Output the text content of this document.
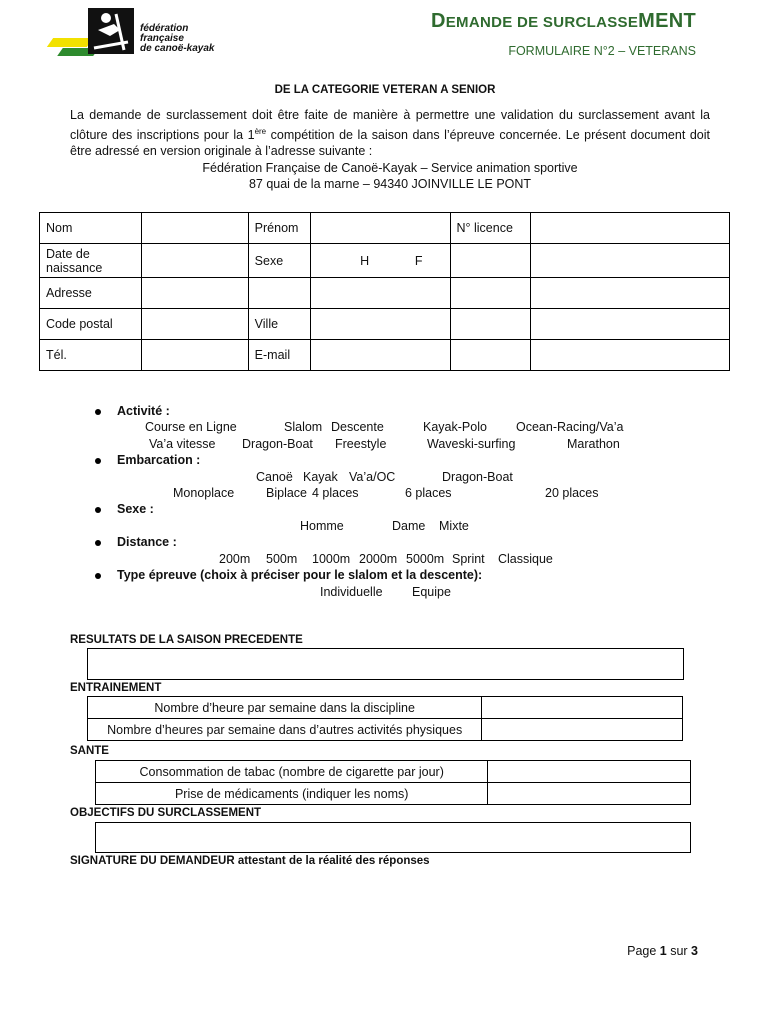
fédération
française
de canoë-kayak
DEMANDE DE SURCLASSEMENT
FORMULAIRE N°2 – VETERANS
DE LA CATEGORIE VETERAN A SENIOR
La demande de surclassement doit être faite de manière à permettre une validation du surclassement avant la clôture des inscriptions pour la 1ère compétition de la saison dans l’épreuve concernée. Le présent document doit être adressé en version originale à l’adresse suivante :
Fédération Française de Canoë-Kayak – Service animation sportive
87 quai de la marne – 94340 JOINVILLE LE PONT
Nom		Prénom		N° licence	
Date de naissance		Sexe	H F		
Adresse					
Code postal		Ville			
Tél.		E-mail			
Activité :
Course en Ligne	Slalom Descente	Kayak-Polo Ocean-Racing/Va’a
Va’a vitesse Dragon-Boat Freestyle	Waveski-surfing	Marathon
Embarcation :
Canoë Kayak Va’a/OC	Dragon-Boat
Monoplace	Biplace 4 places	6 places	20 places
Sexe :
Homme	Dame Mixte
Distance :
200m 500m 1000m 2000m 5000m Sprint Classique
Type épreuve (choix à préciser pour le slalom et la descente):
Individuelle Equipe
RESULTATS DE LA SAISON PRECEDENTE
ENTRAINEMENT
Nombre d’heure par semaine dans la discipline	
Nombre d’heures par semaine dans d’autres activités physiques	
SANTE
Consommation de tabac (nombre de cigarette par jour)	
Prise de médicaments (indiquer les noms)	
OBJECTIFS DU SURCLASSEMENT
SIGNATURE DU DEMANDEUR attestant de la réalité des réponses
Page 1 sur 3
